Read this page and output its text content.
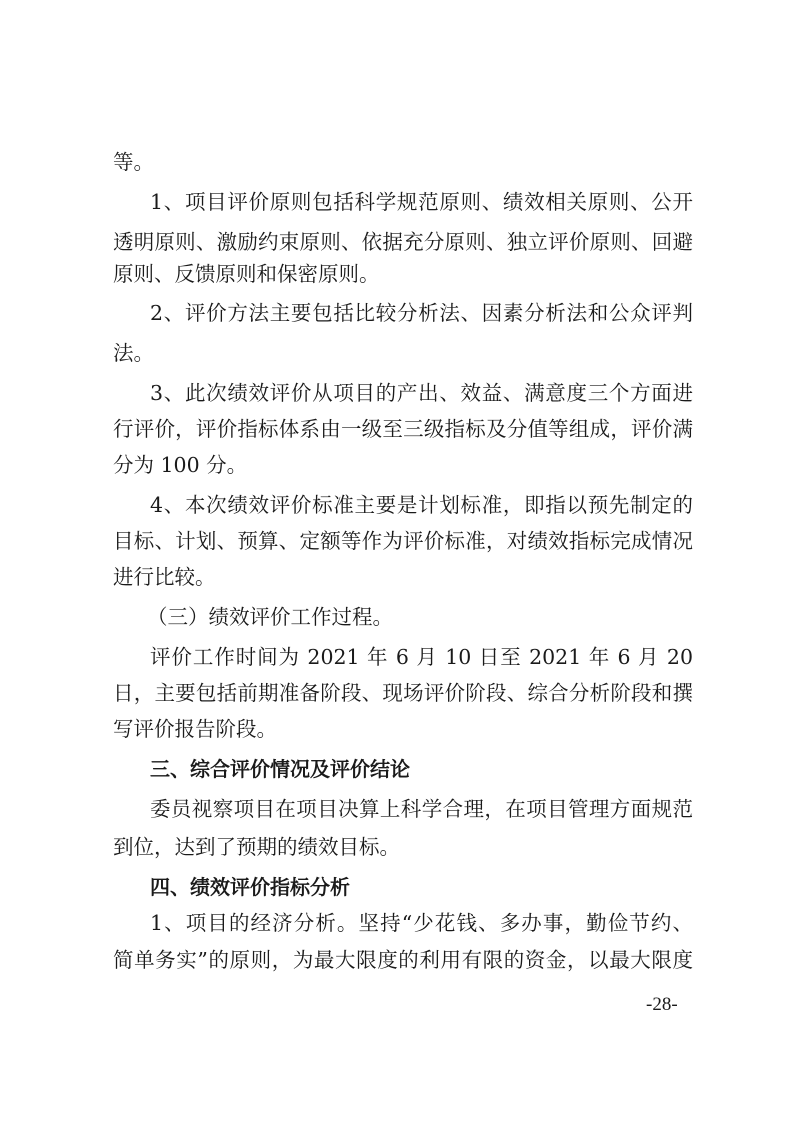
等。
1、项目评价原则包括科学规范原则、绩效相关原则、公开
透明原则、激励约束原则、依据充分原则、独立评价原则、回避
原则、反馈原则和保密原则。
2、评价方法主要包括比较分析法、因素分析法和公众评判
法。
3、此次绩效评价从项目的产出、效益、满意度三个方面进
行评价，评价指标体系由一级至三级指标及分值等组成，评价满
分为 100 分。
4、本次绩效评价标准主要是计划标准，即指以预先制定的
目标、计划、预算、定额等作为评价标准，对绩效指标完成情况
进行比较。
（三）绩效评价工作过程。
评价工作时间为 2021 年 6 月 10 日至 2021 年 6 月 20
日，主要包括前期准备阶段、现场评价阶段、综合分析阶段和撰
写评价报告阶段。
三、综合评价情况及评价结论
委员视察项目在项目决算上科学合理，在项目管理方面规范
到位，达到了预期的绩效目标。
四、绩效评价指标分析
1、项目的经济分析。坚持“少花钱、多办事，勤俭节约、
简单务实”的原则，为最大限度的利用有限的资金，以最大限度
-28-
